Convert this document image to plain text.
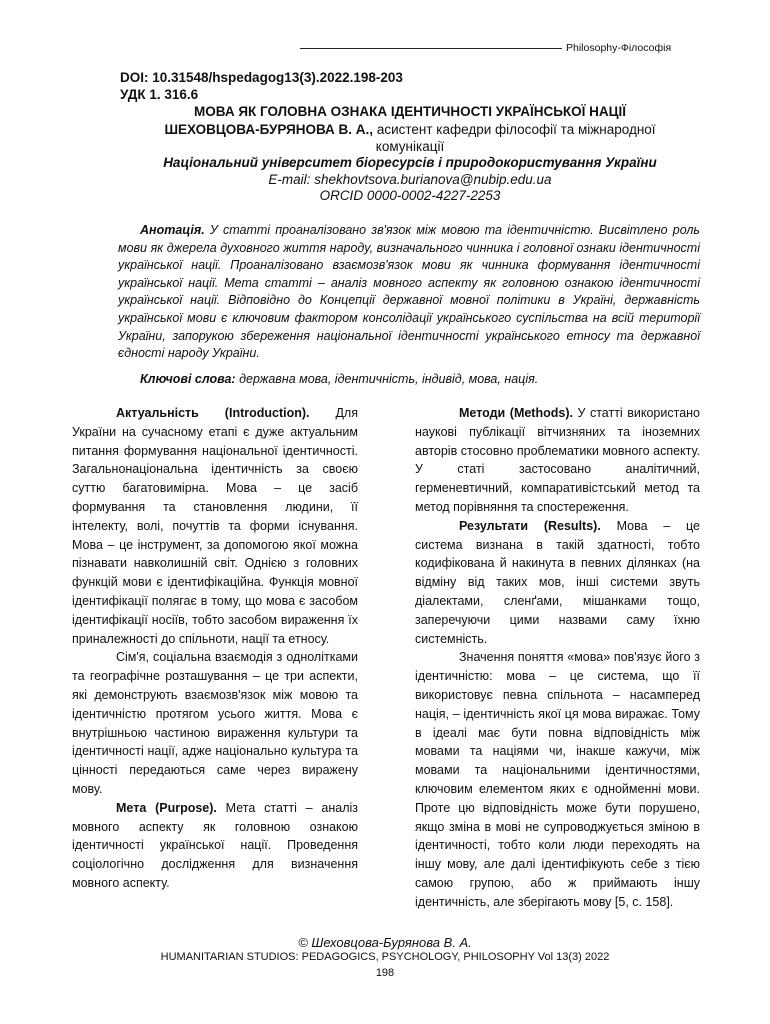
Philosophy-Філософія
DOI: 10.31548/hspedagog13(3).2022.198-203
УДК 1. 316.6
МОВА ЯК ГОЛОВНА ОЗНАКА ІДЕНТИЧНОСТІ УКРАЇНСЬКОЇ НАЦІЇ
ШЕХОВЦОВА-БУРЯНОВА В. А., асистент кафедри філософії та міжнародної
комунікації
Національний університет біоресурсів і природокористування України
E-mail: shekhovtsova.burianova@nubip.edu.ua
ORCID 0000-0002-4227-2253

Анотація. У статті проаналізовано зв'язок між мовою та ідентичністю. Висвітлено роль мови як джерела духовного життя народу, визначального чинника і головної ознаки ідентичності української нації. Проаналізовано взаємозв'язок мови як чинника формування ідентичності української нації. Мета статті – аналіз мовного аспекту як головною ознакою ідентичності української нації. Відповідно до Концепції державної мовної політики в Україні, державність української мови є ключовим фактором консолідації українського суспільства на всій території України, запорукою збереження національної ідентичності українського етносу та державної єдності народу України.

Ключові слова: державна мова, ідентичність, індивід, мова, нація.

Актуальність (Introduction). Для України на сучасному етапі є дуже актуальним питання формування національної ідентичності. Загальнонаціональна ідентичність за своєю суттю багатовимірна. Мова – це засіб формування та становлення людини, її інтелекту, волі, почуттів та форми існування. Мова – це інструмент, за допомогою якої можна пізнавати навколишній світ. Однією з головних функцій мови є ідентифікаційна. Функція мовної ідентифікації полягає в тому, що мова є засобом ідентифікації носіїв, тобто засобом вираження їх приналежності до спільноти, нації та етносу.

Сім'я, соціальна взаємодія з однолітками та географічне розташування – це три аспекти, які демонструють взаємозв'язок між мовою та ідентичністю протягом усього життя. Мова є внутрішньою частиною вираження культури та ідентичності нації, адже національно культура та цінності передаються саме через виражену мову.

Мета (Purpose). Мета статті – аналіз мовного аспекту як головною ознакою ідентичності української нації. Проведення соціологічно дослідження для визначення мовного аспекту.

Методи (Methods). У статті використано наукові публікації вітчизняних та іноземних авторів стосовно проблематики мовного аспекту. У статі застосовано аналітичний, герменевтичний, компаративістський метод та метод порівняння та спостереження.

Результати (Results). Мова – це система визнана в такій здатності, тобто кодифікована й накинута в певних ділянках (на відміну від таких мов, інші системи звуть діалектами, сленґами, мішанками тощо, заперечуючи цими назвами саму їхню системність.

Значення поняття «мова» пов'язує його з ідентичністю: мова – це система, що її використовує певна спільнота – насамперед нація, – ідентичність якої ця мова виражає. Тому в ідеалі має бути повна відповідність між мовами та націями чи, інакше кажучи, між мовами та національними ідентичностями, ключовим елементом яких є однойменні мови. Проте цю відповідність може бути порушено, якщо зміна в мові не супроводжується зміною в ідентичності, тобто коли люди переходять на іншу мову, але далі ідентифікують себе з тією самою групою, або ж приймають іншу ідентичність, але зберігають мову [5, с. 158].

© Шеховцова-Бурянова В. А.
HUMANITARIAN STUDIOS: PEDAGOGICS, PSYCHOLOGY, PHILOSOPHY Vol 13(3) 2022
198
